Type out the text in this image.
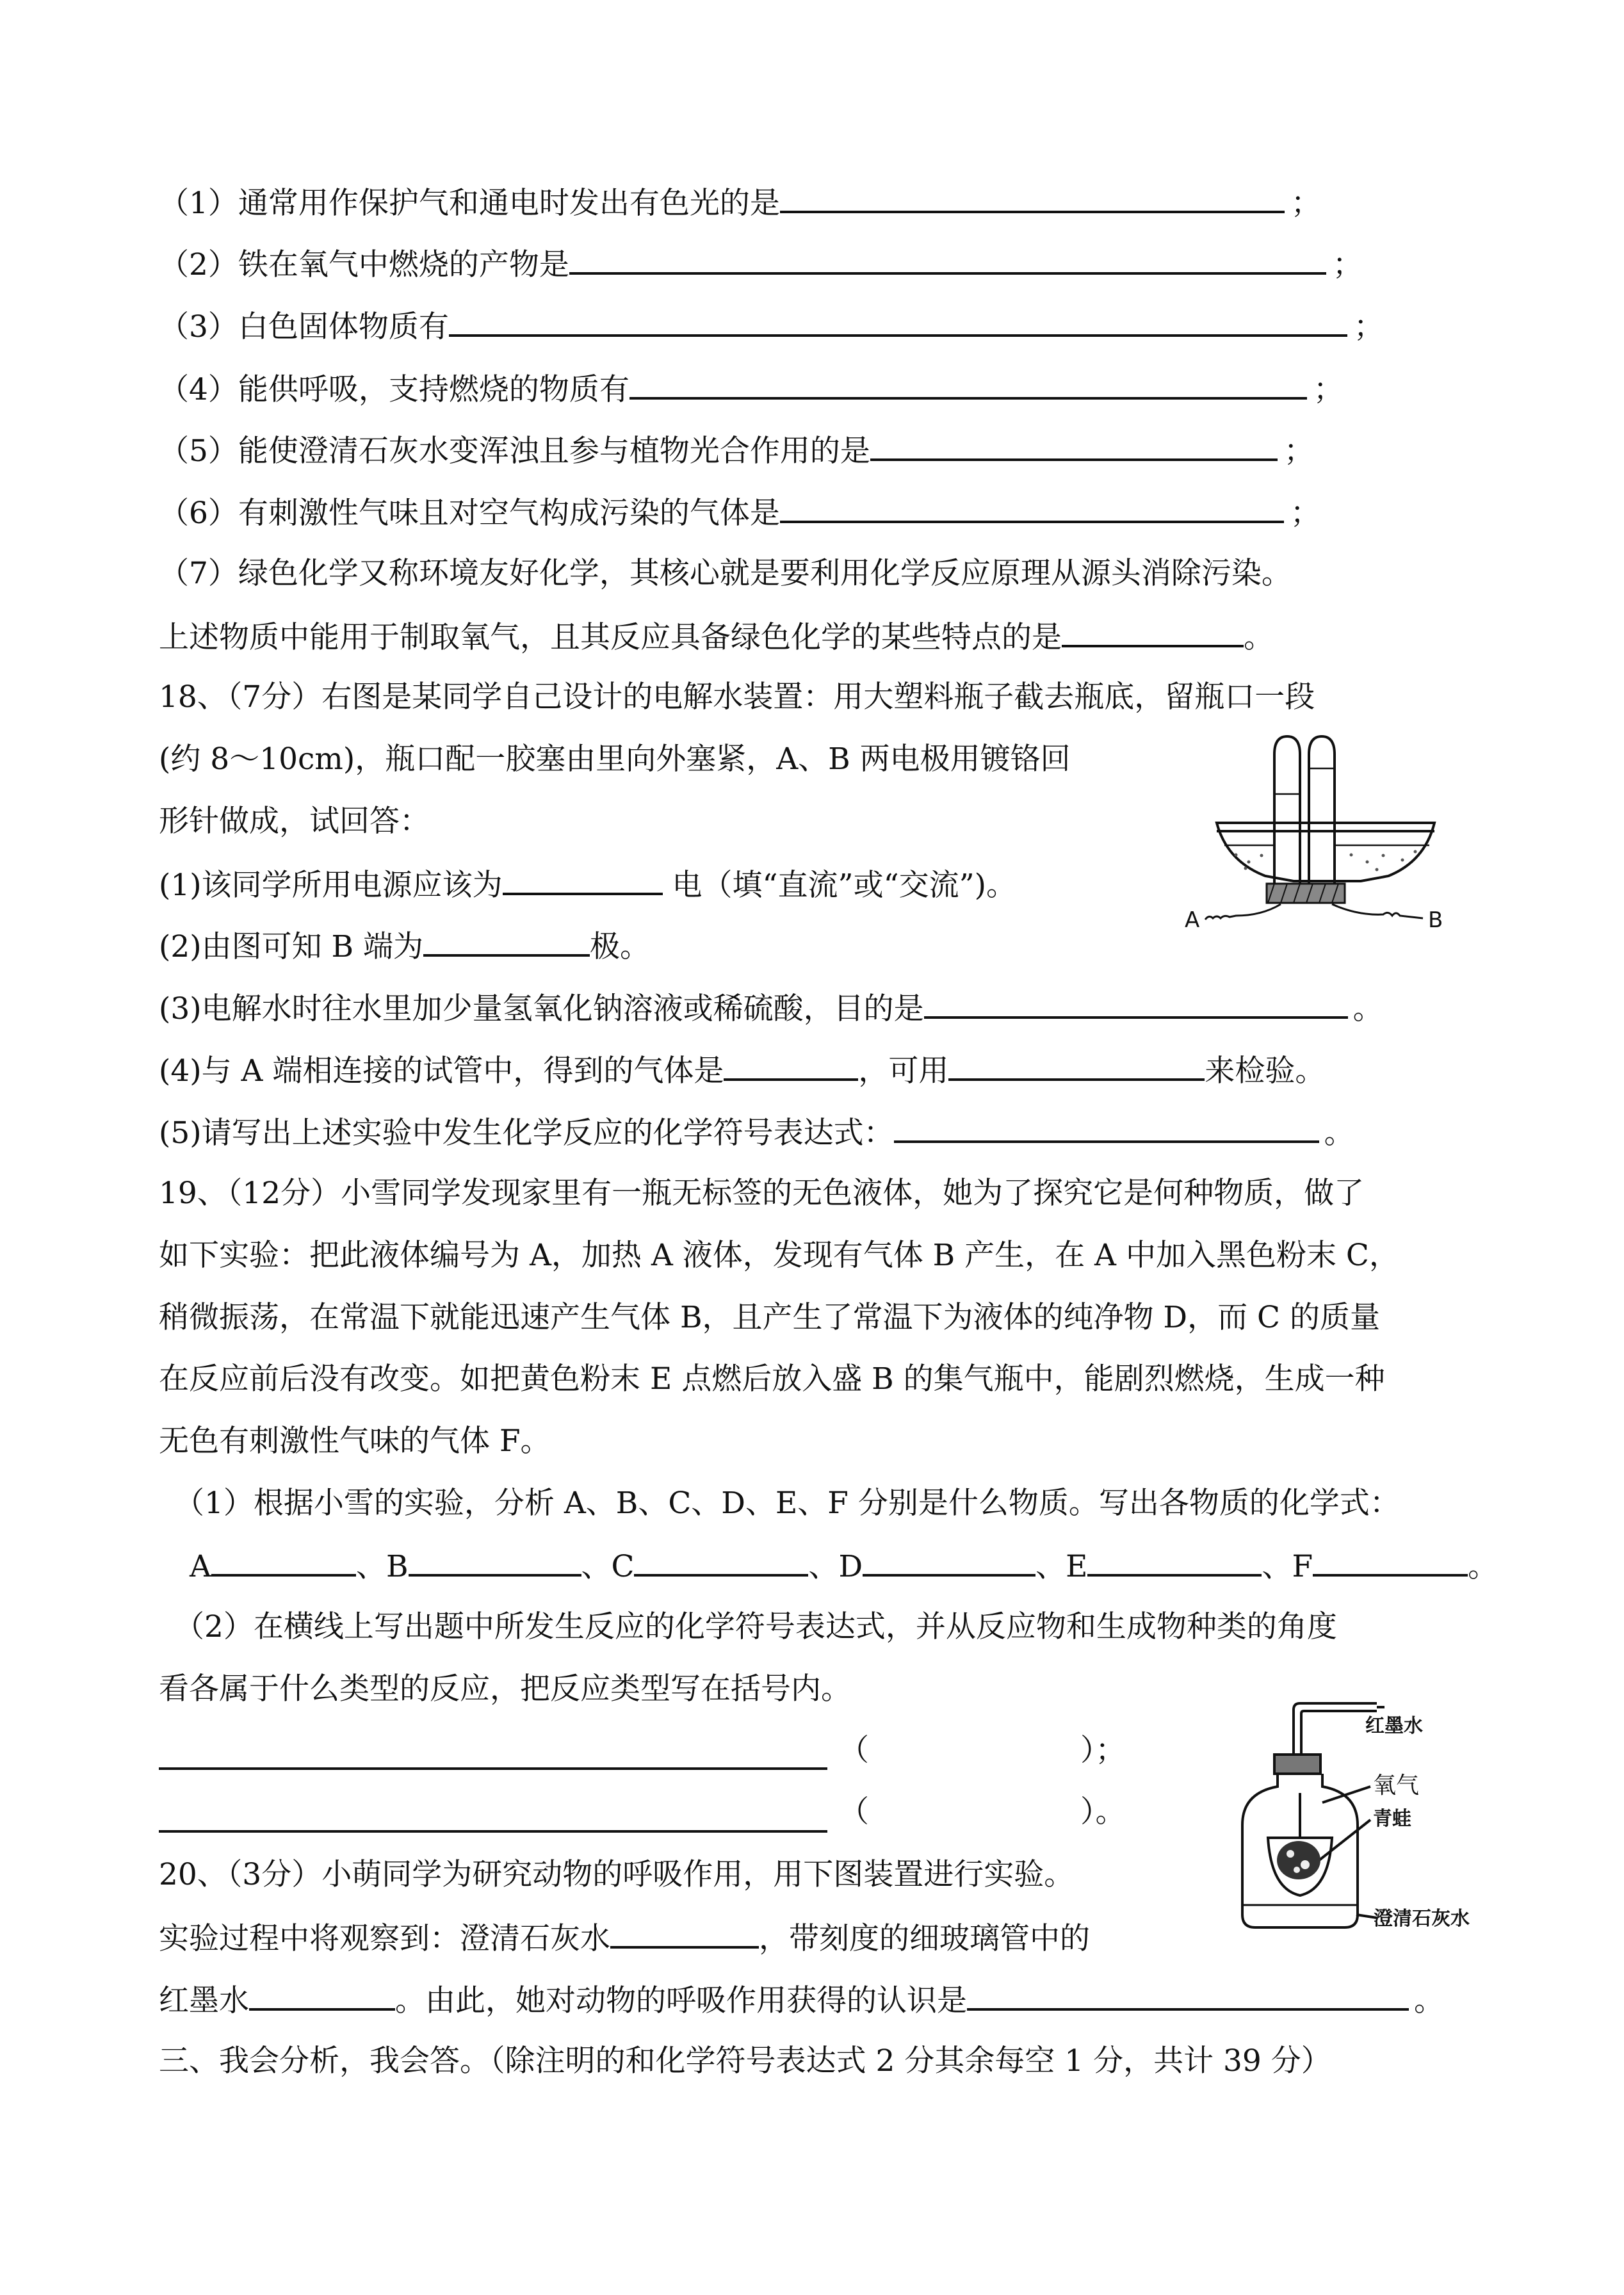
（1）通常用作保护气和通电时发出有色光的是	；
（2）铁在氧气中燃烧的产物是	；
（3）白色固体物质有	；
（4）能供呼吸，支持燃烧的物质有	；
（5）能使澄清石灰水变浑浊且参与植物光合作用的是	；
（6）有刺激性气味且对空气构成污染的气体是	；
（7）绿色化学又称环境友好化学，其核心就是要利用化学反应原理从源头消除污染。
上述物质中能用于制取氧气，且其反应具备绿色化学的某些特点的是	。
18、（7分）右图是某同学自己设计的电解水装置：用大塑料瓶子截去瓶底，留瓶口一段
(约 8～10cm)，瓶口配一胶塞由里向外塞紧，A、B 两电极用镀铬回
形针做成，试回答：
(1)该同学所用电源应该为	电（填“直流”或“交流”)。
(2)由图可知 B 端为	极。
(3)电解水时往水里加少量氢氧化钠溶液或稀硫酸，目的是	。
(4)与 A 端相连接的试管中，得到的气体是	，可用	来检验。
(5)请写出上述实验中发生化学反应的化学符号表达式：	。
A	B
19、（12分）小雪同学发现家里有一瓶无标签的无色液体，她为了探究它是何种物质，做了
如下实验：把此液体编号为 A，加热 A 液体，发现有气体 B 产生，在 A 中加入黑色粉末 C，
稍微振荡，在常温下就能迅速产生气体 B，且产生了常温下为液体的纯净物 D，而 C 的质量
在反应前后没有改变。如把黄色粉末 E 点燃后放入盛 B 的集气瓶中，能剧烈燃烧，生成一种
无色有刺激性气味的气体 F。
（1）根据小雪的实验，分析 A、B、C、D、E、F 分别是什么物质。写出各物质的化学式：
A	、B	、C	、D	、E	、F	。
（2）在横线上写出题中所发生反应的化学符号表达式，并从反应物和生成物种类的角度
看各属于什么类型的反应，把反应类型写在括号内。
（	）；
（	）。
红墨水
氧气
青蛙
澄清石灰水
20、（3分）小萌同学为研究动物的呼吸作用，用下图装置进行实验。
实验过程中将观察到：澄清石灰水	，带刻度的细玻璃管中的
红墨水	。由此，她对动物的呼吸作用获得的认识是	。
三、我会分析，我会答。（除注明的和化学符号表达式 2 分其余每空 1 分，共计 39 分）
